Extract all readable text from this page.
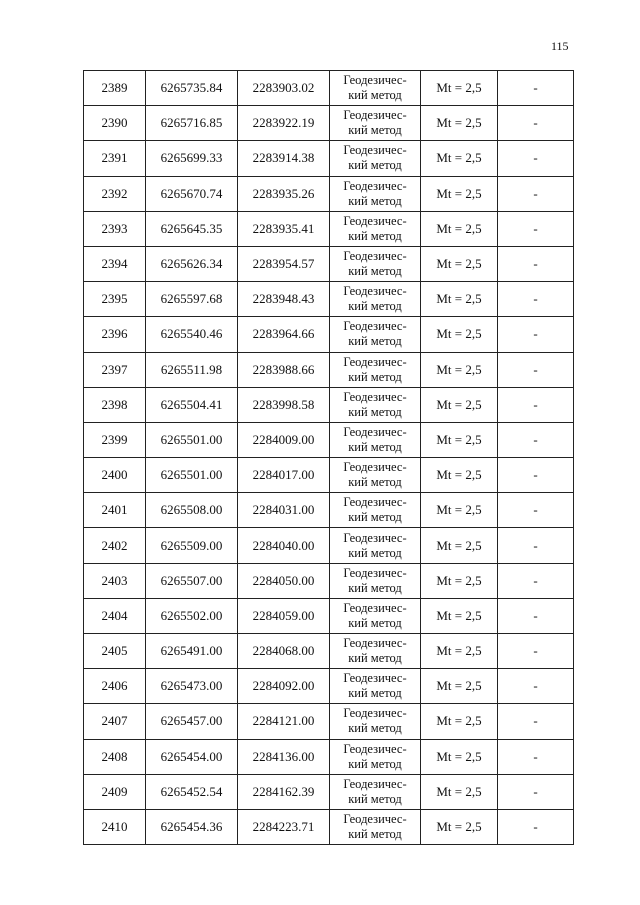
115
2389	6265735.84	2283903.02	Геодезичес-
кий метод	Mt = 2,5	-
2390	6265716.85	2283922.19	Геодезичес-
кий метод	Mt = 2,5	-
2391	6265699.33	2283914.38	Геодезичес-
кий метод	Mt = 2,5	-
2392	6265670.74	2283935.26	Геодезичес-
кий метод	Mt = 2,5	-
2393	6265645.35	2283935.41	Геодезичес-
кий метод	Mt = 2,5	-
2394	6265626.34	2283954.57	Геодезичес-
кий метод	Mt = 2,5	-
2395	6265597.68	2283948.43	Геодезичес-
кий метод	Mt = 2,5	-
2396	6265540.46	2283964.66	Геодезичес-
кий метод	Mt = 2,5	-
2397	6265511.98	2283988.66	Геодезичес-
кий метод	Mt = 2,5	-
2398	6265504.41	2283998.58	Геодезичес-
кий метод	Mt = 2,5	-
2399	6265501.00	2284009.00	Геодезичес-
кий метод	Mt = 2,5	-
2400	6265501.00	2284017.00	Геодезичес-
кий метод	Mt = 2,5	-
2401	6265508.00	2284031.00	Геодезичес-
кий метод	Mt = 2,5	-
2402	6265509.00	2284040.00	Геодезичес-
кий метод	Mt = 2,5	-
2403	6265507.00	2284050.00	Геодезичес-
кий метод	Mt = 2,5	-
2404	6265502.00	2284059.00	Геодезичес-
кий метод	Mt = 2,5	-
2405	6265491.00	2284068.00	Геодезичес-
кий метод	Mt = 2,5	-
2406	6265473.00	2284092.00	Геодезичес-
кий метод	Mt = 2,5	-
2407	6265457.00	2284121.00	Геодезичес-
кий метод	Mt = 2,5	-
2408	6265454.00	2284136.00	Геодезичес-
кий метод	Mt = 2,5	-
2409	6265452.54	2284162.39	Геодезичес-
кий метод	Mt = 2,5	-
2410	6265454.36	2284223.71	Геодезичес-
кий метод	Mt = 2,5	-
